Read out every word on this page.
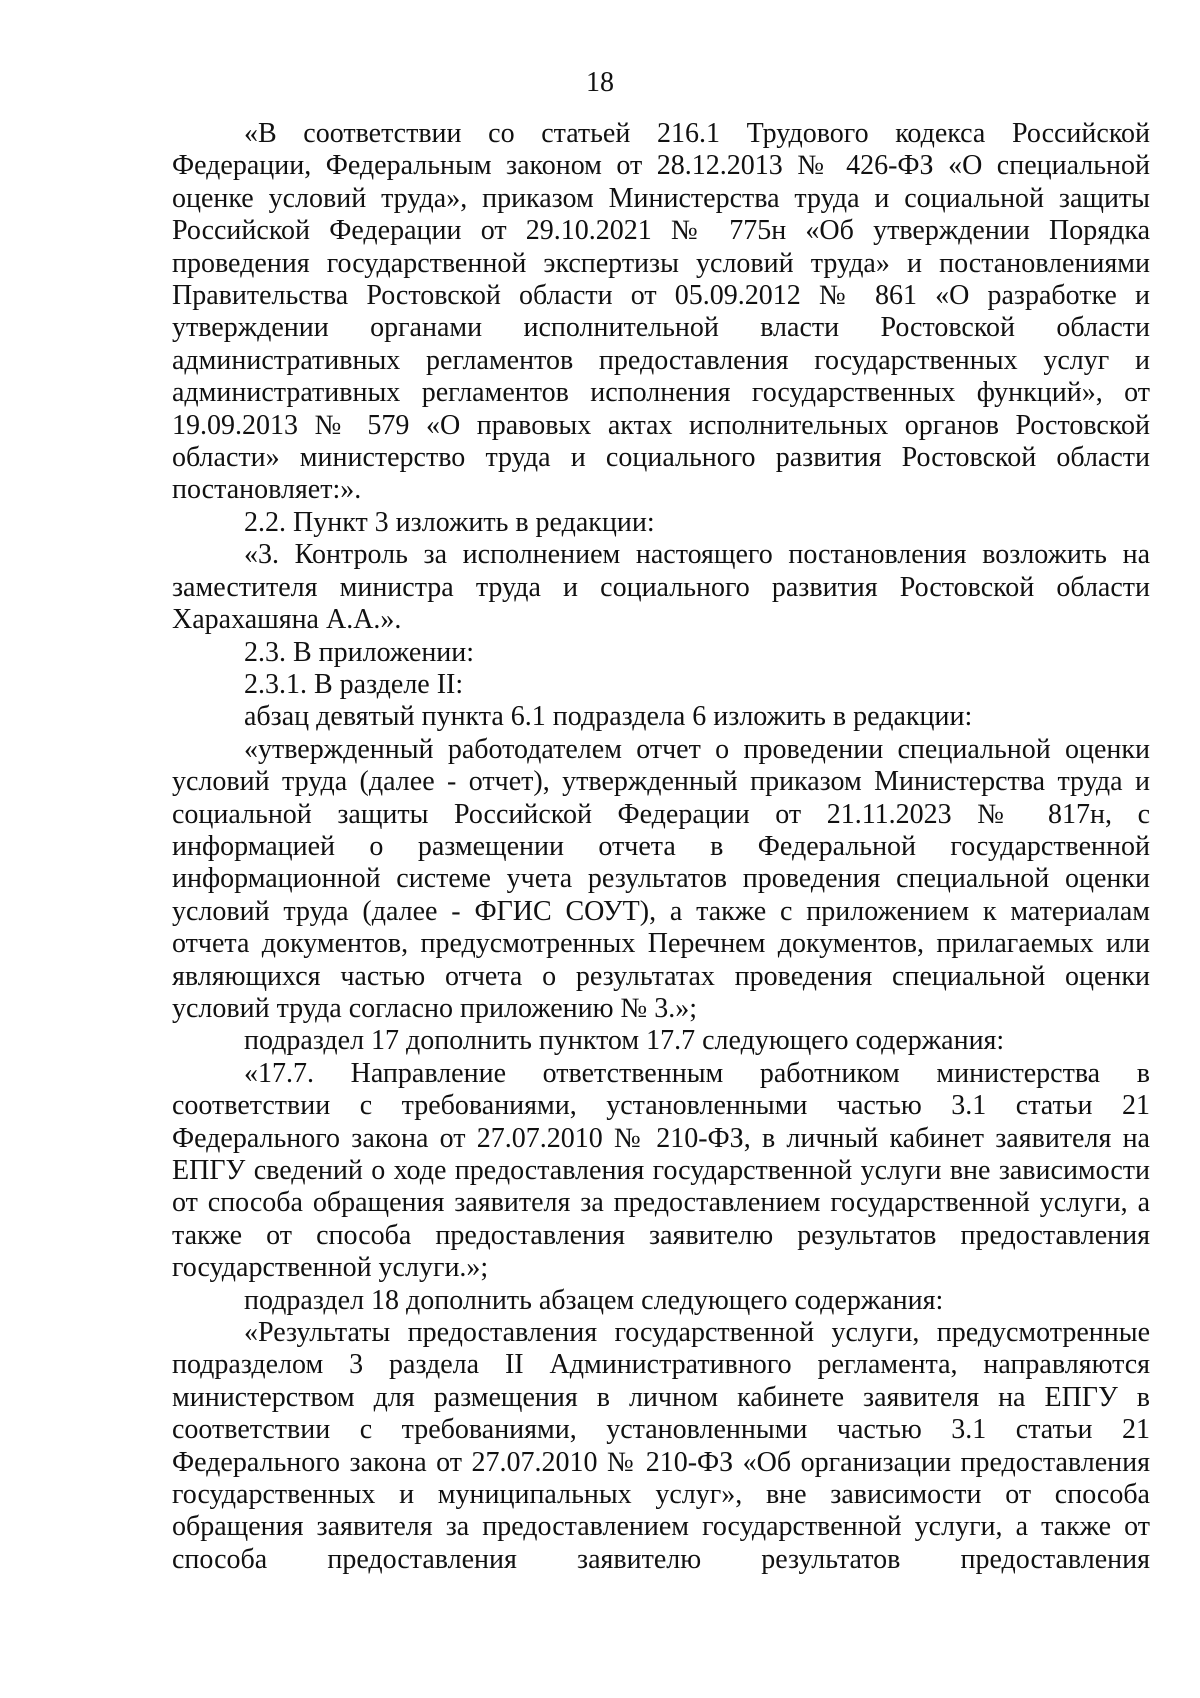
18

«В соответствии со статьей 216.1 Трудового кодекса Российской Федерации, Федеральным законом от 28.12.2013 № 426-ФЗ «О специальной оценке условий труда», приказом Министерства труда и социальной защиты Российской Федерации от 29.10.2021 № 775н «Об утверждении Порядка проведения государственной экспертизы условий труда» и постановлениями Правительства Ростовской области от 05.09.2012 № 861 «О разработке и утверждении органами исполнительной власти Ростовской области административных регламентов предоставления государственных услуг и административных регламентов исполнения государственных функций», от 19.09.2013 № 579 «О правовых актах исполнительных органов Ростовской области» министерство труда и социального развития Ростовской области постановляет:».

2.2. Пункт 3 изложить в редакции:

«3. Контроль за исполнением настоящего постановления возложить на заместителя министра труда и социального развития Ростовской области Харахашяна А.А.».

2.3. В приложении:

2.3.1. В разделе II:

абзац девятый пункта 6.1 подраздела 6 изложить в редакции:

«утвержденный работодателем отчет о проведении специальной оценки условий труда (далее - отчет), утвержденный приказом Министерства труда и социальной защиты Российской Федерации от 21.11.2023 № 817н, с информацией о размещении отчета в Федеральной государственной информационной системе учета результатов проведения специальной оценки условий труда (далее - ФГИС СОУТ), а также с приложением к материалам отчета документов, предусмотренных Перечнем документов, прилагаемых или являющихся частью отчета о результатах проведения специальной оценки условий труда согласно приложению № 3.»;

подраздел 17 дополнить пунктом 17.7 следующего содержания:

«17.7. Направление ответственным работником министерства в соответствии с требованиями, установленными частью 3.1 статьи 21 Федерального закона от 27.07.2010 № 210-ФЗ, в личный кабинет заявителя на ЕПГУ сведений о ходе предоставления государственной услуги вне зависимости от способа обращения заявителя за предоставлением государственной услуги, а также от способа предоставления заявителю результатов предоставления государственной услуги.»;

подраздел 18 дополнить абзацем следующего содержания:

«Результаты предоставления государственной услуги, предусмотренные подразделом 3 раздела II Административного регламента, направляются министерством для размещения в личном кабинете заявителя на ЕПГУ в соответствии с требованиями, установленными частью 3.1 статьи 21 Федерального закона от 27.07.2010 № 210-ФЗ «Об организации предоставления государственных и муниципальных услуг», вне зависимости от способа обращения заявителя за предоставлением государственной услуги, а также от способа предоставления заявителю результатов предоставления
